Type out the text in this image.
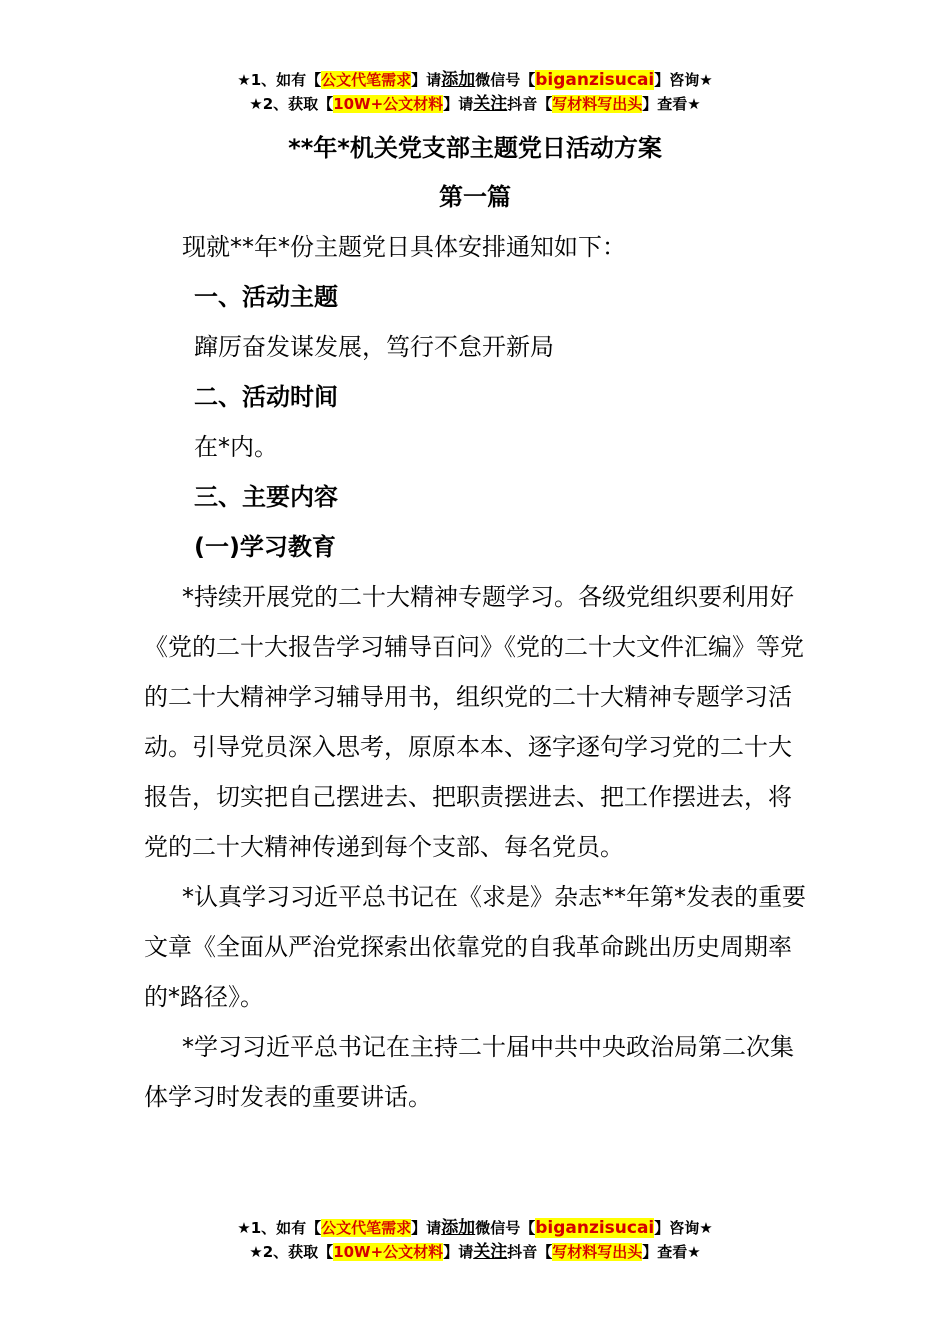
★1、如有【公文代笔需求】请添加微信号【biganzisucai】咨询★
★2、获取【10W+公文材料】请关注抖音【写材料写出头】查看★
**年*机关党支部主题党日活动方案
第一篇

现就**年*份主题党日具体安排通知如下：

一、活动主题

蹿厉奋发谋发展，笃行不怠开新局

二、活动时间

在*内。

三、主要内容

(一)学习教育

*持续开展党的二十大精神专题学习。各级党组织要利用好《党的二十大报告学习辅导百问》《党的二十大文件汇编》等党的二十大精神学习辅导用书，组织党的二十大精神专题学习活动。引导党员深入思考，原原本本、逐字逐句学习党的二十大报告，切实把自己摆进去、把职责摆进去、把工作摆进去，将党的二十大精神传递到每个支部、每名党员。

*认真学习习近平总书记在《求是》杂志**年第*发表的重要文章《全面从严治党探索出依靠党的自我革命跳出历史周期率的*路径》。

*学习习近平总书记在主持二十届中共中央政治局第二次集体学习时发表的重要讲话。

★1、如有【公文代笔需求】请添加微信号【biganzisucai】咨询★
★2、获取【10W+公文材料】请关注抖音【写材料写出头】查看★
